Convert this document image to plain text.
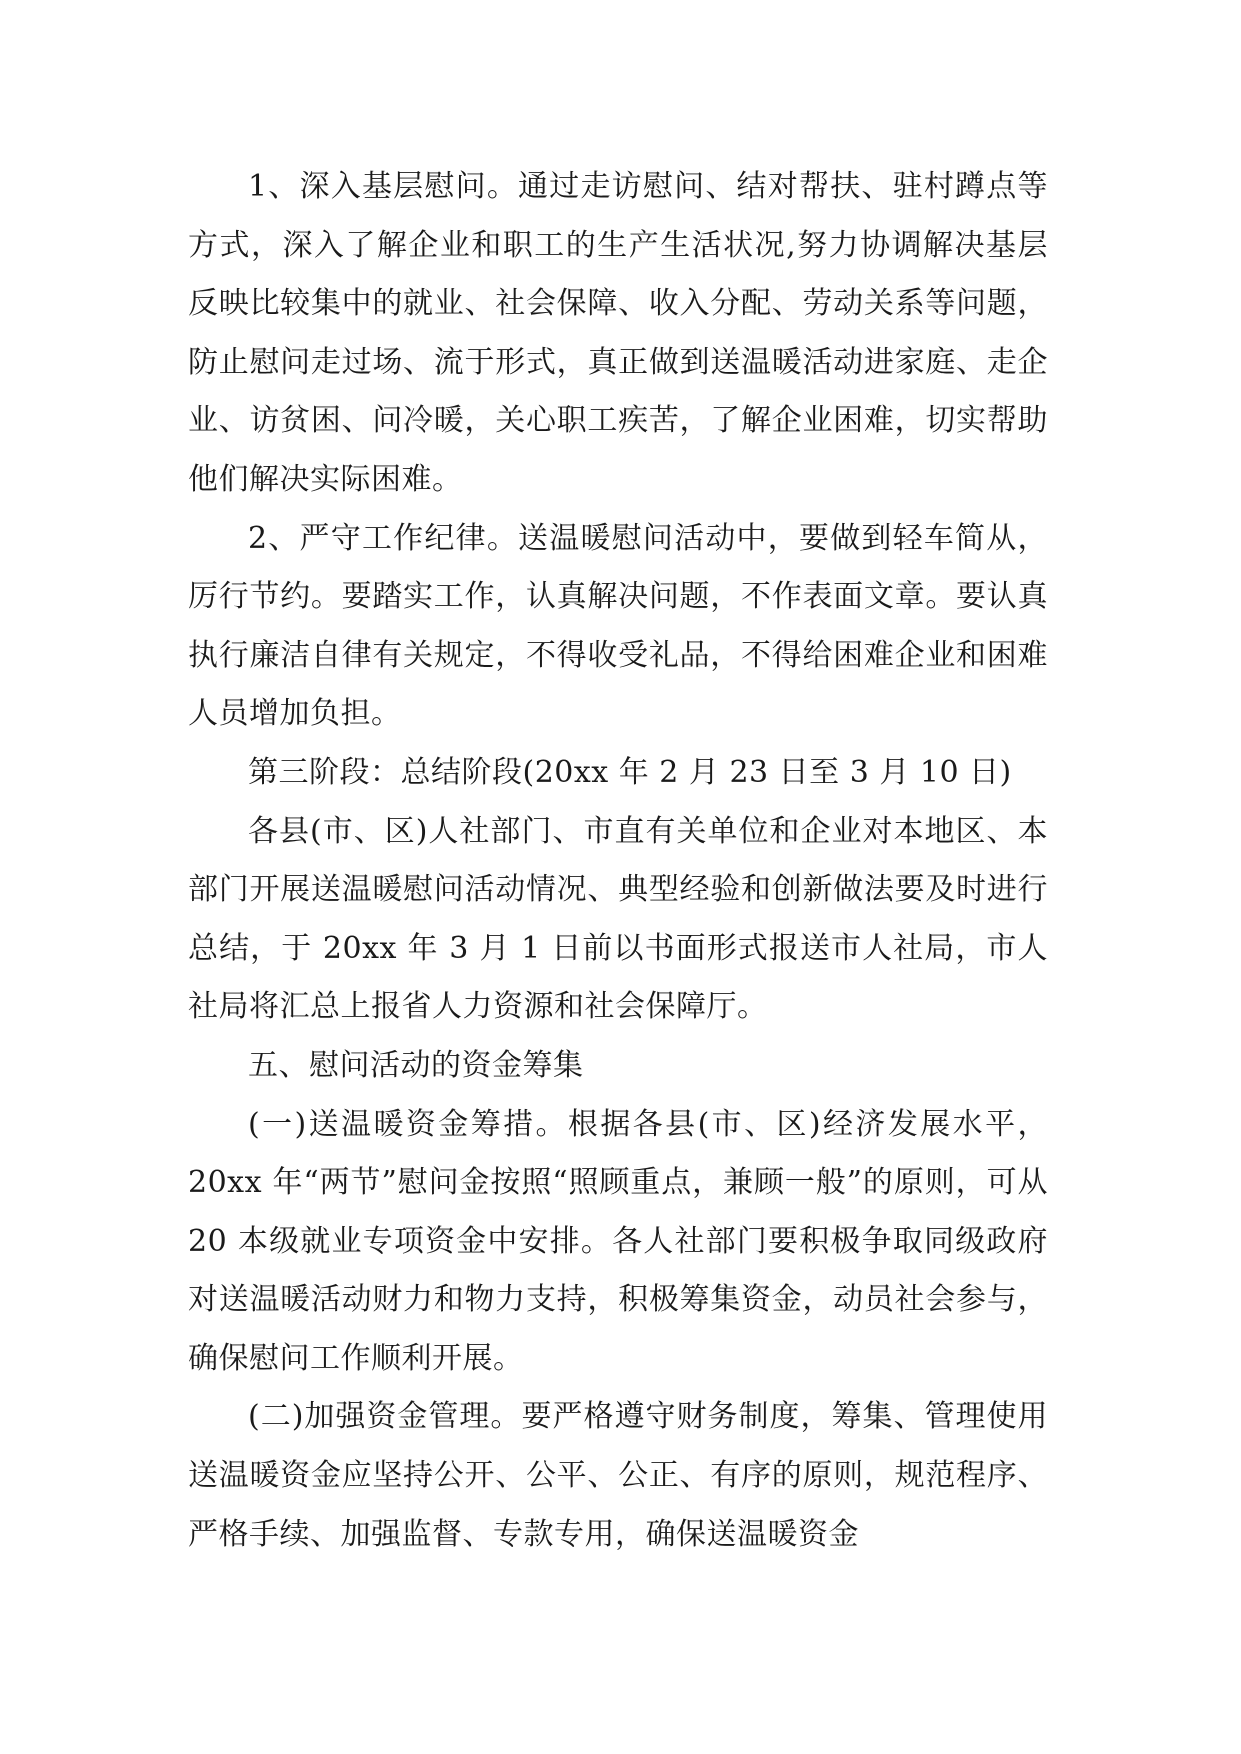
1、深入基层慰问。通过走访慰问、结对帮扶、驻村蹲点等方式，深入了解企业和职工的生产生活状况,努力协调解决基层反映比较集中的就业、社会保障、收入分配、劳动关系等问题，防止慰问走过场、流于形式，真正做到送温暖活动进家庭、走企业、访贫困、问冷暖，关心职工疾苦，了解企业困难，切实帮助他们解决实际困难。

2、严守工作纪律。送温暖慰问活动中，要做到轻车简从，厉行节约。要踏实工作，认真解决问题，不作表面文章。要认真执行廉洁自律有关规定，不得收受礼品，不得给困难企业和困难人员增加负担。

第三阶段：总结阶段(20xx 年 2 月 23 日至 3 月 10 日)

各县(市、区)人社部门、市直有关单位和企业对本地区、本部门开展送温暖慰问活动情况、典型经验和创新做法要及时进行总结，于 20xx 年 3 月 1 日前以书面形式报送市人社局，市人社局将汇总上报省人力资源和社会保障厅。

五、慰问活动的资金筹集

(一)送温暖资金筹措。根据各县(市、区)经济发展水平，20xx 年“两节”慰问金按照“照顾重点，兼顾一般”的原则，可从 20 本级就业专项资金中安排。各人社部门要积极争取同级政府对送温暖活动财力和物力支持，积极筹集资金，动员社会参与，确保慰问工作顺利开展。

(二)加强资金管理。要严格遵守财务制度，筹集、管理使用送温暖资金应坚持公开、公平、公正、有序的原则，规范程序、严格手续、加强监督、专款专用，确保送温暖资金
